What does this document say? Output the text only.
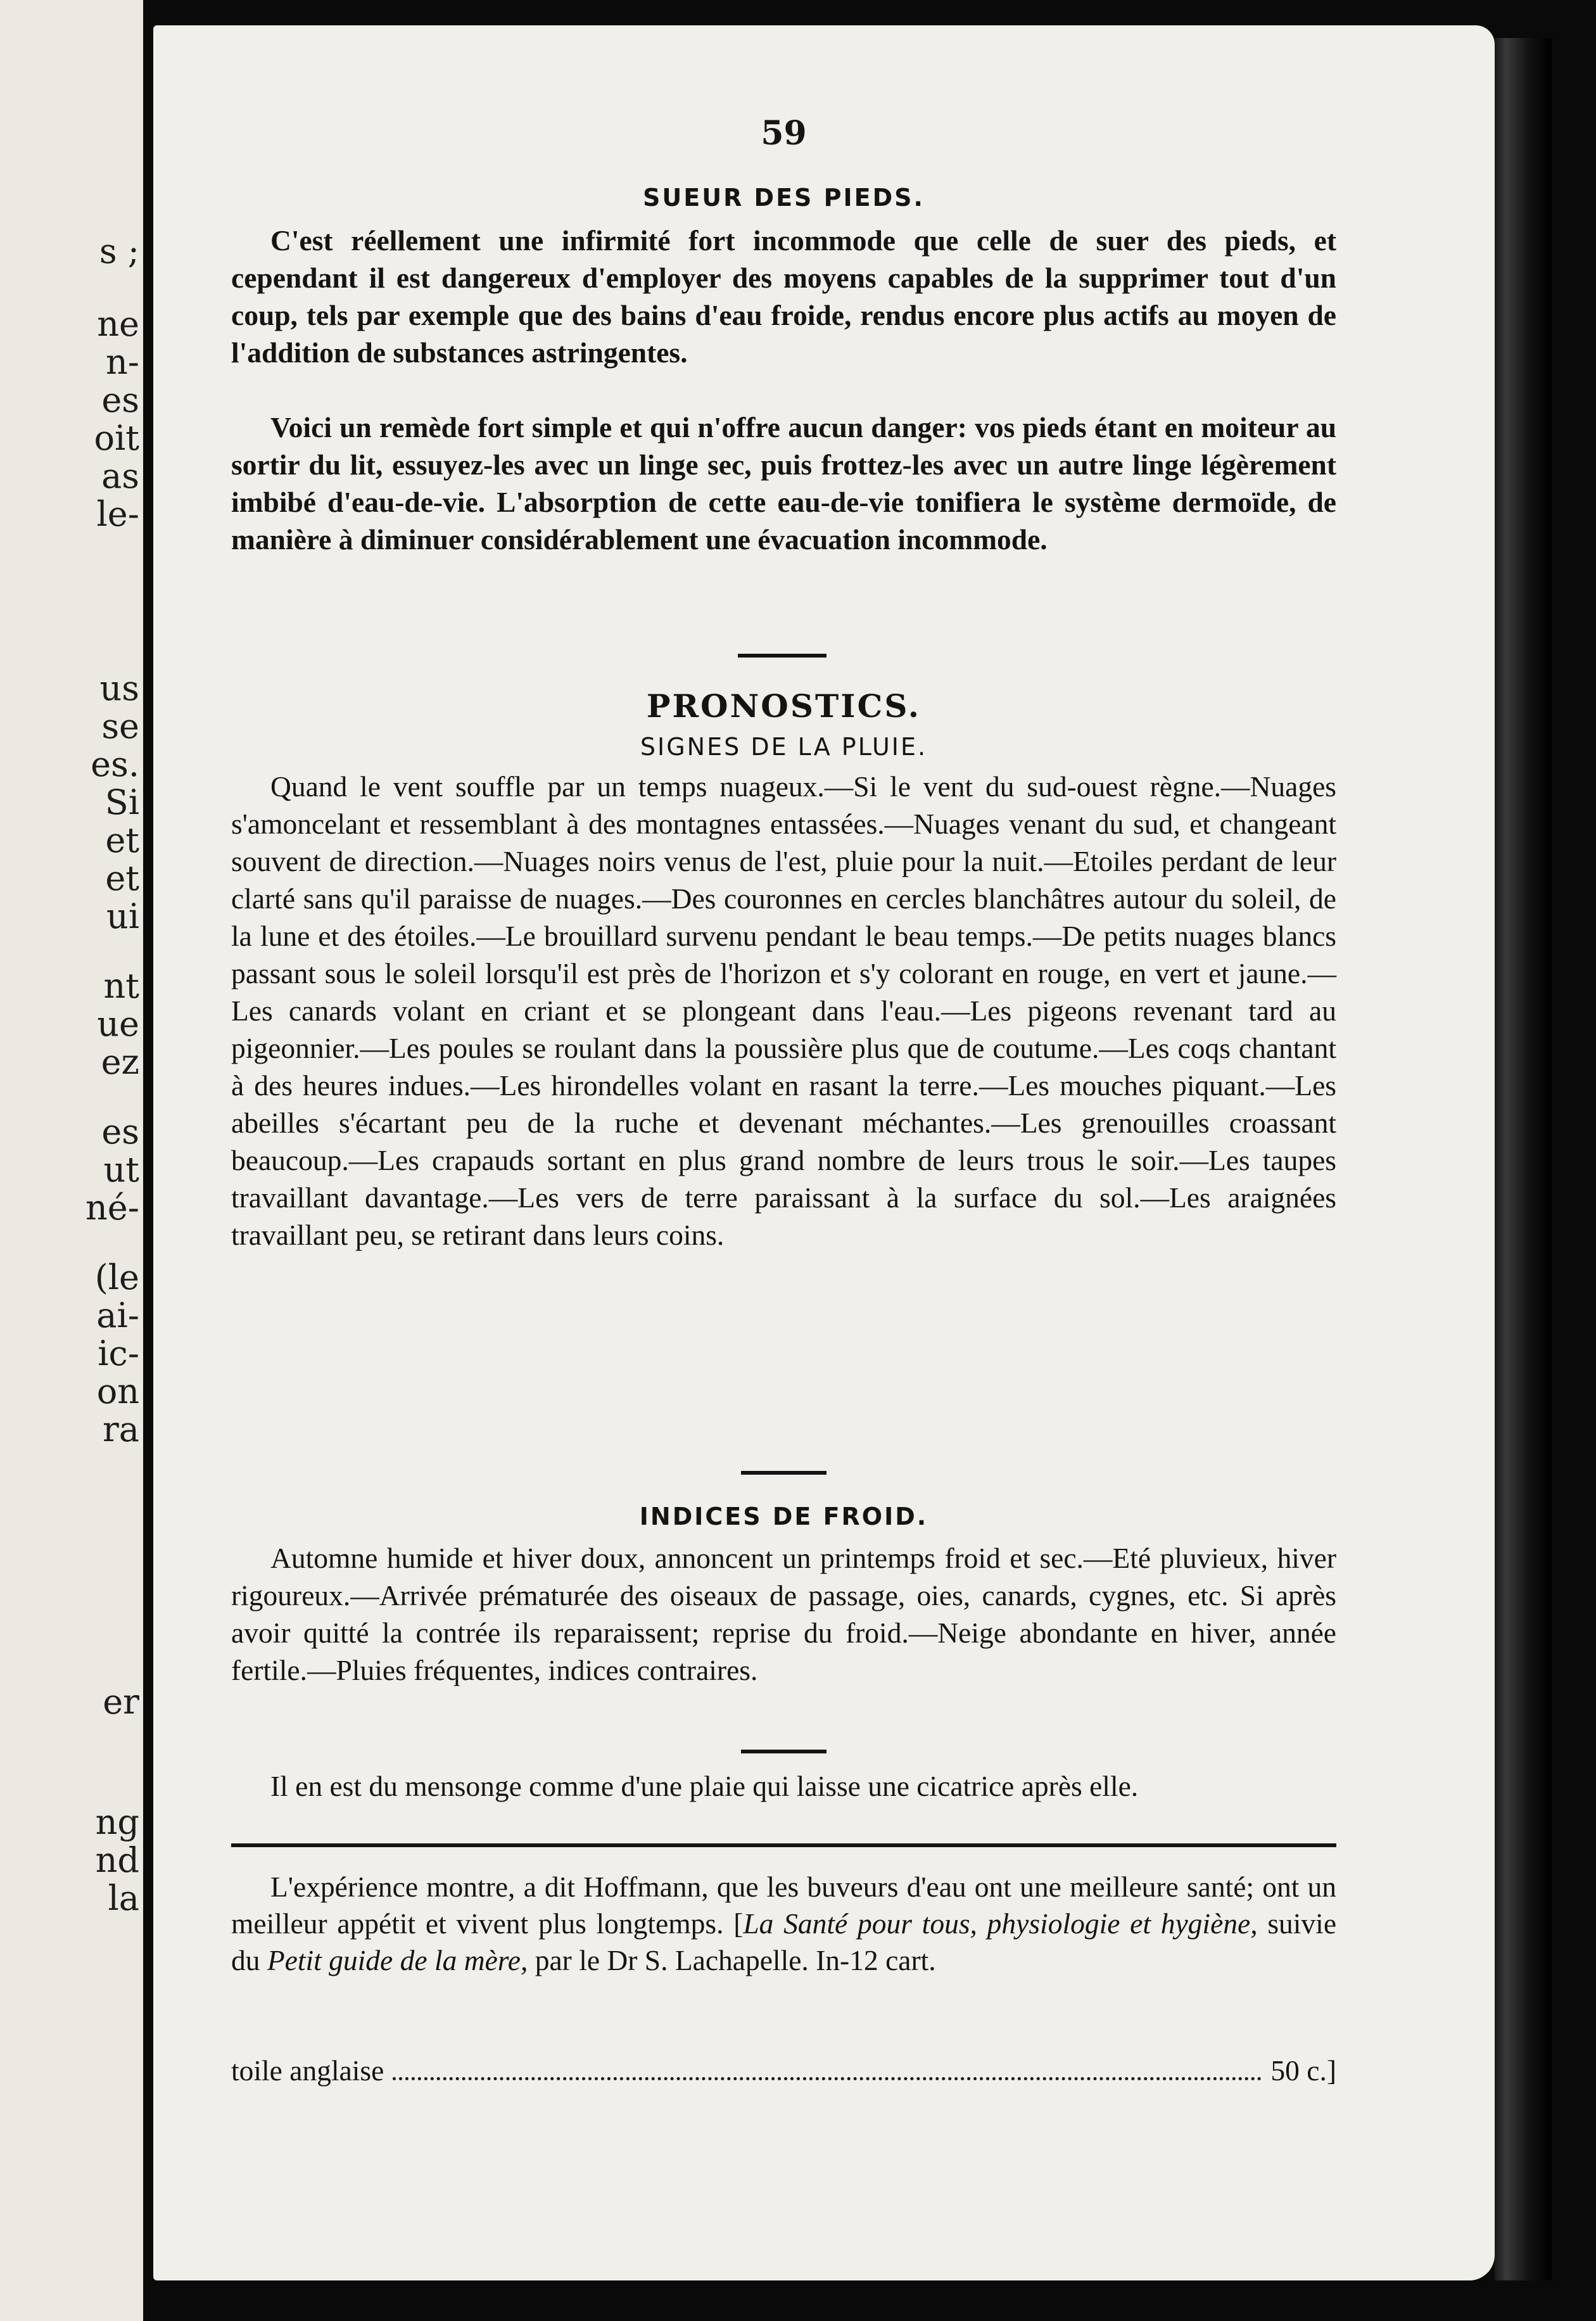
s ;
ne
n-
es
oit
as
le-
us
se
es.
Si
et
et
ui
nt
ue
ez
es
ut
né-
(le
ai-
ic-
on
ra
er
ng
nd
la
59
SUEUR DES PIEDS.

C'est réellement une infirmité fort incommode que celle de suer des pieds, et cependant il est dangereux d'employer des moyens capables de la supprimer tout d'un coup, tels par exemple que des bains d'eau froide, rendus encore plus actifs au moyen de l'addition de substances astringentes.

Voici un remède fort simple et qui n'offre aucun danger: vos pieds étant en moiteur au sortir du lit, essuyez-les avec un linge sec, puis frottez-les avec un autre linge légèrement imbibé d'eau-de-vie. L'absorption de cette eau-de-vie tonifiera le système dermoïde, de manière à diminuer considérablement une évacuation incommode.

PRONOSTICS.
SIGNES DE LA PLUIE.

Quand le vent souffle par un temps nuageux.—Si le vent du sud-ouest règne.—Nuages s'amoncelant et ressemblant à des montagnes entassées.—Nuages venant du sud, et changeant souvent de direction.—Nuages noirs venus de l'est, pluie pour la nuit.—Etoiles perdant de leur clarté sans qu'il paraisse de nuages.—Des couronnes en cercles blanchâtres autour du soleil, de la lune et des étoiles.—Le brouillard survenu pendant le beau temps.—De petits nuages blancs passant sous le soleil lorsqu'il est près de l'horizon et s'y colorant en rouge, en vert et jaune.—Les canards volant en criant et se plongeant dans l'eau.—Les pigeons revenant tard au pigeonnier.—Les poules se roulant dans la poussière plus que de coutume.—Les coqs chantant à des heures indues.—Les hirondelles volant en rasant la terre.—Les mouches piquant.—Les abeilles s'écartant peu de la ruche et devenant méchantes.—Les grenouilles croassant beaucoup.—Les crapauds sortant en plus grand nombre de leurs trous le soir.—Les taupes travaillant davantage.—Les vers de terre paraissant à la surface du sol.—Les araignées travaillant peu, se retirant dans leurs coins.

INDICES DE FROID.

Automne humide et hiver doux, annoncent un printemps froid et sec.—Eté pluvieux, hiver rigoureux.—Arrivée prématurée des oiseaux de passage, oies, canards, cygnes, etc. Si après avoir quitté la contrée ils reparaissent; reprise du froid.—Neige abondante en hiver, année fertile.—Pluies fréquentes, indices contraires.

Il en est du mensonge comme d'une plaie qui laisse une cicatrice après elle.

L'expérience montre, a dit Hoffmann, que les buveurs d'eau ont une meilleure santé; ont un meilleur appétit et vivent plus longtemps. [La Santé pour tous, physiologie et hygiène, suivie du Petit guide de la mère, par le Dr S. Lachapelle. In-12 cart.

toile anglaise	50 c.]
